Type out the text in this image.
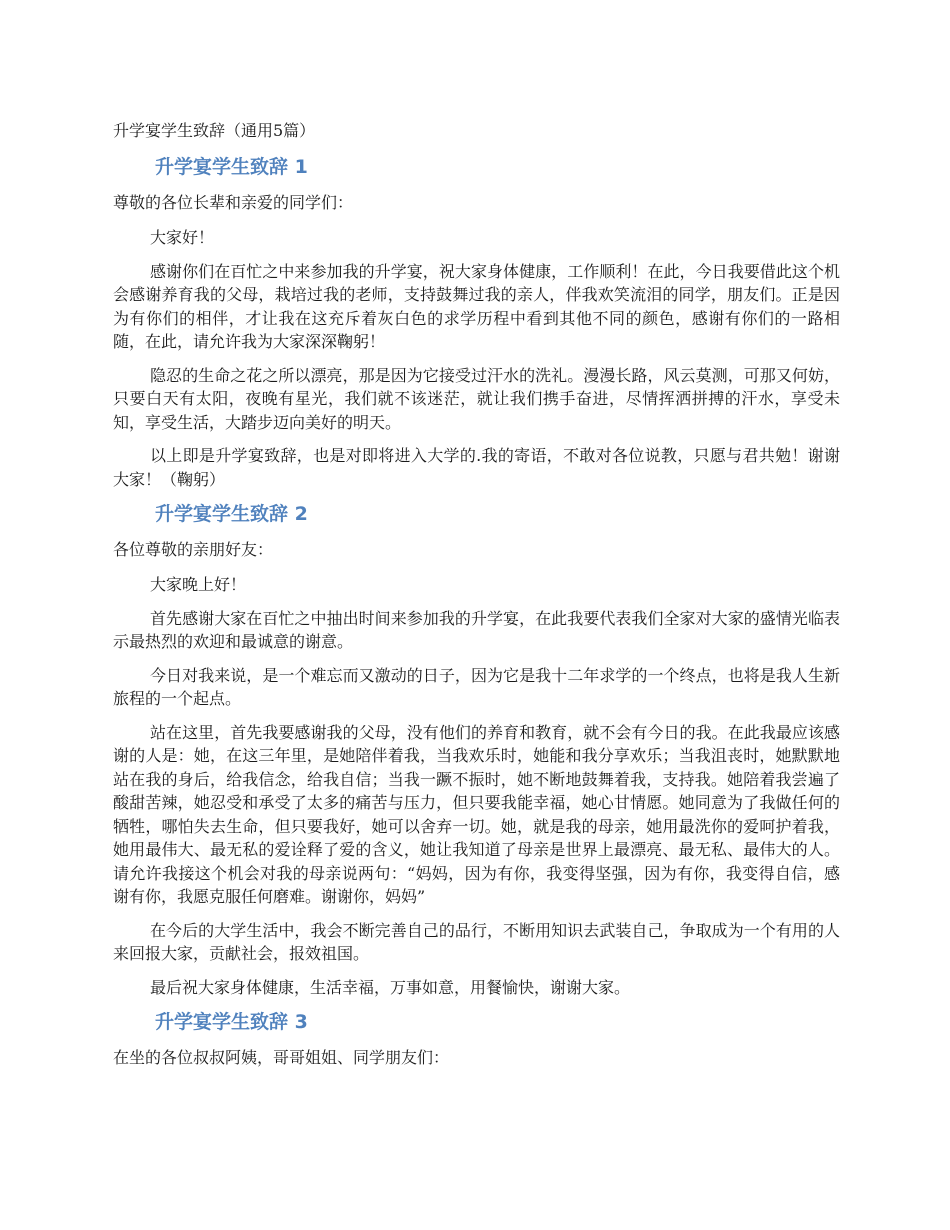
升学宴学生致辞（通用5篇）
升学宴学生致辞 1
尊敬的各位长辈和亲爱的同学们：

大家好！

感谢你们在百忙之中来参加我的升学宴，祝大家身体健康，工作顺利！在此，今日我要借此这个机会感谢养育我的父母，栽培过我的老师，支持鼓舞过我的亲人，伴我欢笑流泪的同学，朋友们。正是因为有你们的相伴，才让我在这充斥着灰白色的求学历程中看到其他不同的颜色，感谢有你们的一路相随，在此，请允许我为大家深深鞠躬！

隐忍的生命之花之所以漂亮，那是因为它接受过汗水的洗礼。漫漫长路，风云莫测，可那又何妨，只要白天有太阳，夜晚有星光，我们就不该迷茫，就让我们携手奋进，尽情挥洒拼搏的汗水，享受未知，享受生活，大踏步迈向美好的明天。

以上即是升学宴致辞，也是对即将进入大学的.我的寄语，不敢对各位说教，只愿与君共勉！谢谢大家！（鞠躬）

升学宴学生致辞 2
各位尊敬的亲朋好友：

大家晚上好！

首先感谢大家在百忙之中抽出时间来参加我的升学宴，在此我要代表我们全家对大家的盛情光临表示最热烈的欢迎和最诚意的谢意。

今日对我来说，是一个难忘而又激动的日子，因为它是我十二年求学的一个终点，也将是我人生新旅程的一个起点。

站在这里，首先我要感谢我的父母，没有他们的养育和教育，就不会有今日的我。在此我最应该感谢的人是：她，在这三年里，是她陪伴着我，当我欢乐时，她能和我分享欢乐；当我沮丧时，她默默地站在我的身后，给我信念，给我自信；当我一蹶不振时，她不断地鼓舞着我，支持我。她陪着我尝遍了酸甜苦辣，她忍受和承受了太多的痛苦与压力，但只要我能幸福，她心甘情愿。她同意为了我做任何的牺牲，哪怕失去生命，但只要我好，她可以舍弃一切。她，就是我的母亲，她用最洗你的爱呵护着我，她用最伟大、最无私的爱诠释了爱的含义，她让我知道了母亲是世界上最漂亮、最无私、最伟大的人。请允许我接这个机会对我的母亲说两句：“妈妈，因为有你，我变得坚强，因为有你，我变得自信，感谢有你，我愿克服任何磨难。谢谢你，妈妈”

在今后的大学生活中，我会不断完善自己的品行，不断用知识去武装自己，争取成为一个有用的人来回报大家，贡献社会，报效祖国。

最后祝大家身体健康，生活幸福，万事如意，用餐愉快，谢谢大家。

升学宴学生致辞 3
在坐的各位叔叔阿姨，哥哥姐姐、同学朋友们：
